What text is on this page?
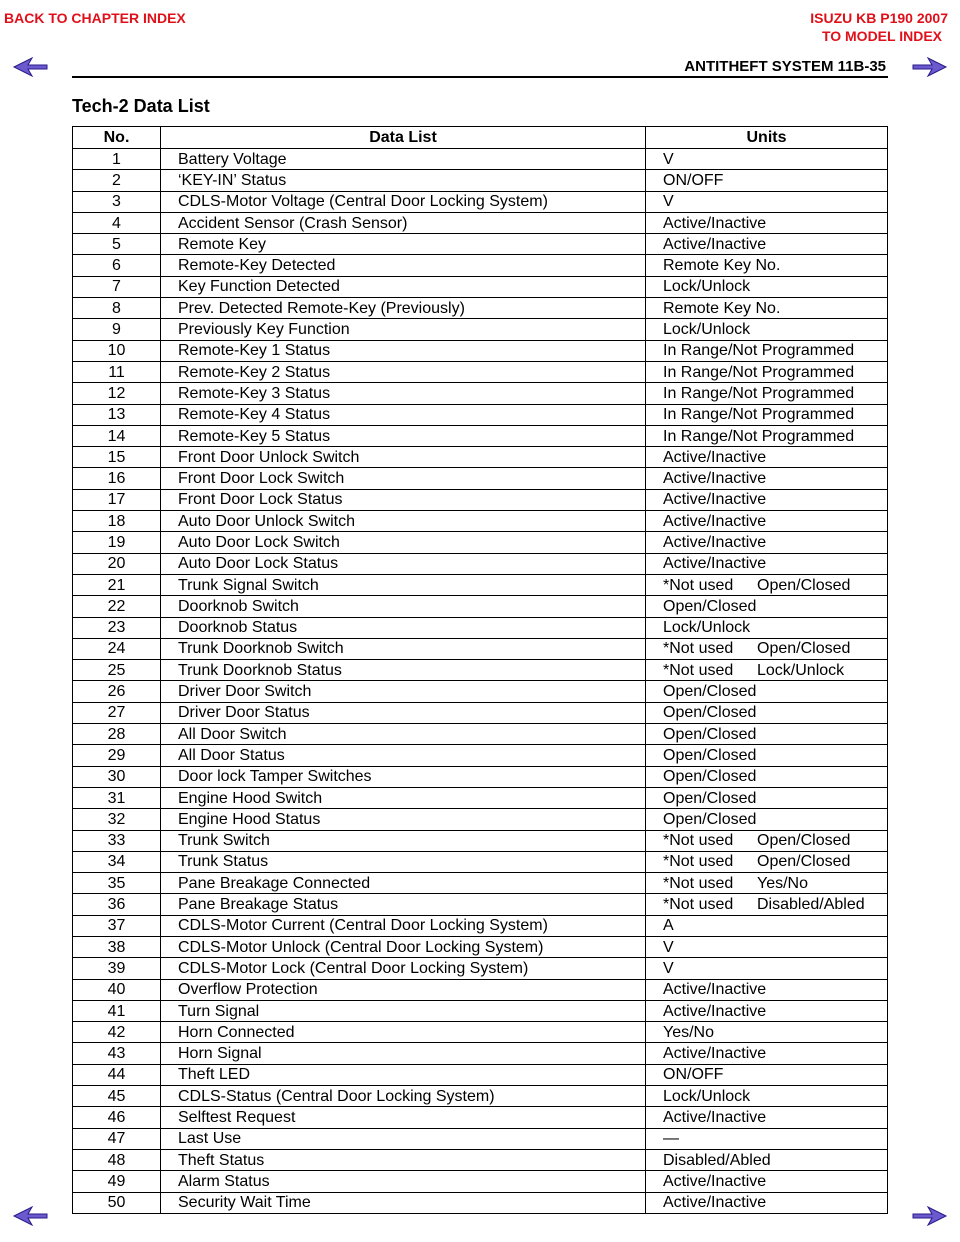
BACK TO CHAPTER INDEX	ISUZU KB P190 2007
TO MODEL INDEX
ANTITHEFT SYSTEM 11B-35
Tech-2 Data List
No.	Data List	Units
1	Battery Voltage	V
2	‘KEY-IN’ Status	ON/OFF
3	CDLS-Motor Voltage (Central Door Locking System)	V
4	Accident Sensor (Crash Sensor)	Active/Inactive
5	Remote Key	Active/Inactive
6	Remote-Key Detected	Remote Key No.
7	Key Function Detected	Lock/Unlock
8	Prev. Detected Remote-Key (Previously)	Remote Key No.
9	Previously Key Function	Lock/Unlock
10	Remote-Key 1 Status	In Range/Not Programmed
11	Remote-Key 2 Status	In Range/Not Programmed
12	Remote-Key 3 Status	In Range/Not Programmed
13	Remote-Key 4 Status	In Range/Not Programmed
14	Remote-Key 5 Status	In Range/Not Programmed
15	Front Door Unlock Switch	Active/Inactive
16	Front Door Lock Switch	Active/Inactive
17	Front Door Lock Status	Active/Inactive
18	Auto Door Unlock Switch	Active/Inactive
19	Auto Door Lock Switch	Active/Inactive
20	Auto Door Lock Status	Active/Inactive
21	Trunk Signal Switch	*Not used Open/Closed
22	Doorknob Switch	Open/Closed
23	Doorknob Status	Lock/Unlock
24	Trunk Doorknob Switch	*Not used Open/Closed
25	Trunk Doorknob Status	*Not used Lock/Unlock
26	Driver Door Switch	Open/Closed
27	Driver Door Status	Open/Closed
28	All Door Switch	Open/Closed
29	All Door Status	Open/Closed
30	Door lock Tamper Switches	Open/Closed
31	Engine Hood Switch	Open/Closed
32	Engine Hood Status	Open/Closed
33	Trunk Switch	*Not used Open/Closed
34	Trunk Status	*Not used Open/Closed
35	Pane Breakage Connected	*Not used Yes/No
36	Pane Breakage Status	*Not used Disabled/Abled
37	CDLS-Motor Current (Central Door Locking System)	A
38	CDLS-Motor Unlock (Central Door Locking System)	V
39	CDLS-Motor Lock (Central Door Locking System)	V
40	Overflow Protection	Active/Inactive
41	Turn Signal	Active/Inactive
42	Horn Connected	Yes/No
43	Horn Signal	Active/Inactive
44	Theft LED	ON/OFF
45	CDLS-Status (Central Door Locking System)	Lock/Unlock
46	Selftest Request	Active/Inactive
47	Last Use	—
48	Theft Status	Disabled/Abled
49	Alarm Status	Active/Inactive
50	Security Wait Time	Active/Inactive
